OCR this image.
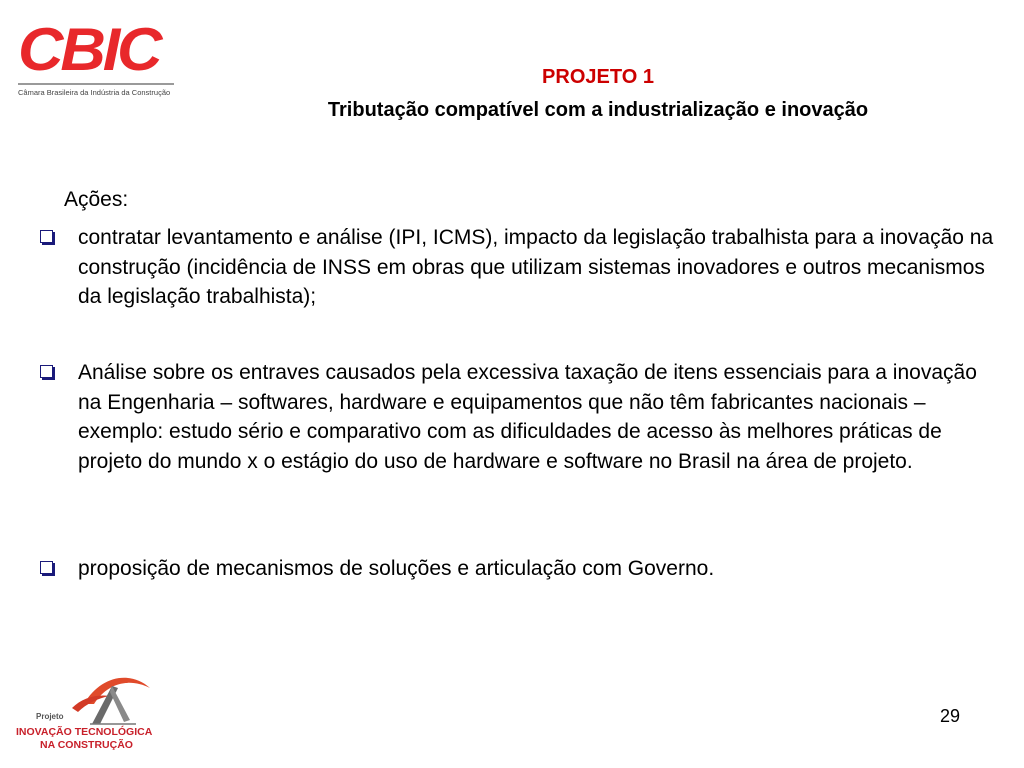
CBIC
Câmara Brasileira da Indústria da Construção
PROJETO 1
Tributação compatível com a industrialização e inovação
Ações:
contratar levantamento e análise (IPI, ICMS), impacto da legislação trabalhista para a inovação na construção (incidência de INSS em obras que utilizam sistemas inovadores e outros mecanismos da legislação trabalhista);
Análise sobre os entraves causados pela excessiva taxação de itens essenciais para a inovação na Engenharia – softwares, hardware e equipamentos que não têm fabricantes nacionais – exemplo: estudo sério e comparativo com as dificuldades de acesso às melhores práticas de projeto do mundo x o estágio do uso de hardware e software no Brasil na área de projeto.
proposição de mecanismos de soluções e articulação com Governo.
Projeto
INOVAÇÃO TECNOLÓGICA
NA CONSTRUÇÃO
29
